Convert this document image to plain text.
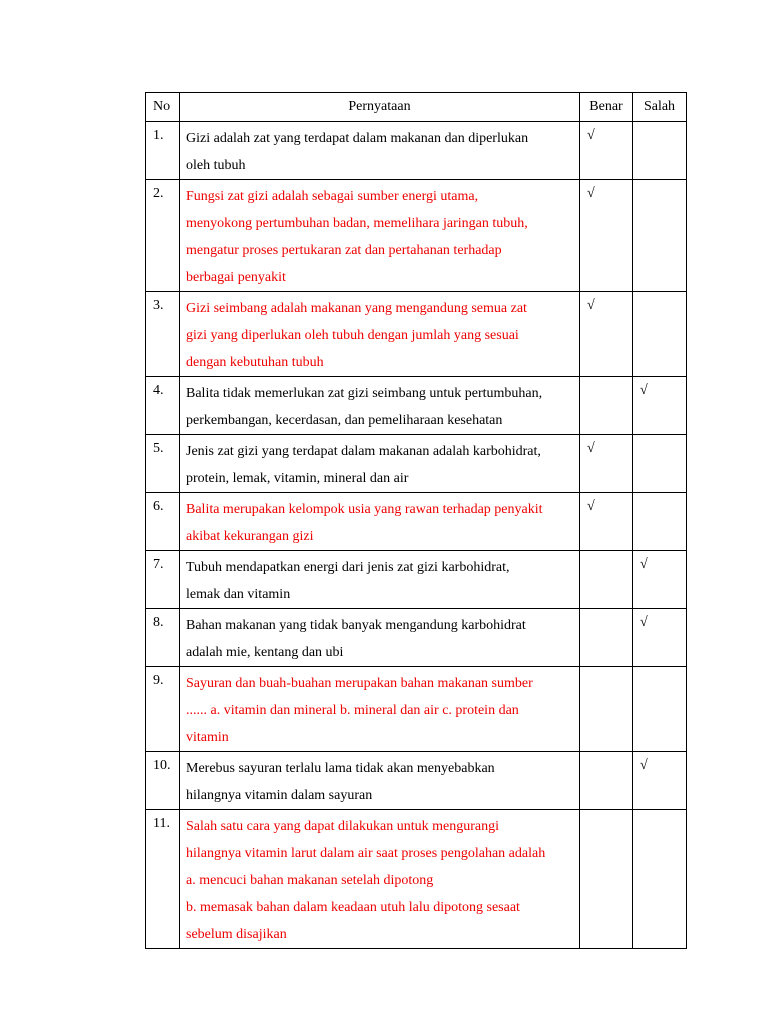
No	Pernyataan	Benar	Salah

1.	Gizi adalah zat yang terdapat dalam makanan dan diperlukan
oleh tubuh	√	

2.	Fungsi zat gizi adalah sebagai sumber energi utama,
menyokong pertumbuhan badan, memelihara jaringan tubuh,
mengatur proses pertukaran zat dan pertahanan terhadap
berbagai penyakit	√	

3.	Gizi seimbang adalah makanan yang mengandung semua zat
gizi yang diperlukan oleh tubuh dengan jumlah yang sesuai
dengan kebutuhan tubuh	√	

4.	Balita tidak memerlukan zat gizi seimbang untuk pertumbuhan,
perkembangan, kecerdasan, dan pemeliharaan kesehatan		√

5.	Jenis zat gizi yang terdapat dalam makanan adalah karbohidrat,
protein, lemak, vitamin, mineral dan air	√	

6.	Balita merupakan kelompok usia yang rawan terhadap penyakit
akibat kekurangan gizi	√	

7.	Tubuh mendapatkan energi dari jenis zat gizi karbohidrat,
lemak dan vitamin		√

8.	Bahan makanan yang tidak banyak mengandung karbohidrat
adalah mie, kentang dan ubi		√

9.	Sayuran dan buah-buahan merupakan bahan makanan sumber
...... a. vitamin dan mineral b. mineral dan air c. protein dan
vitamin		

10.	Merebus sayuran terlalu lama tidak akan menyebabkan
hilangnya vitamin dalam sayuran		√

11.	Salah satu cara yang dapat dilakukan untuk mengurangi
hilangnya vitamin larut dalam air saat proses pengolahan adalah
a. mencuci bahan makanan setelah dipotong
b. memasak bahan dalam keadaan utuh lalu dipotong sesaat
sebelum disajikan		
